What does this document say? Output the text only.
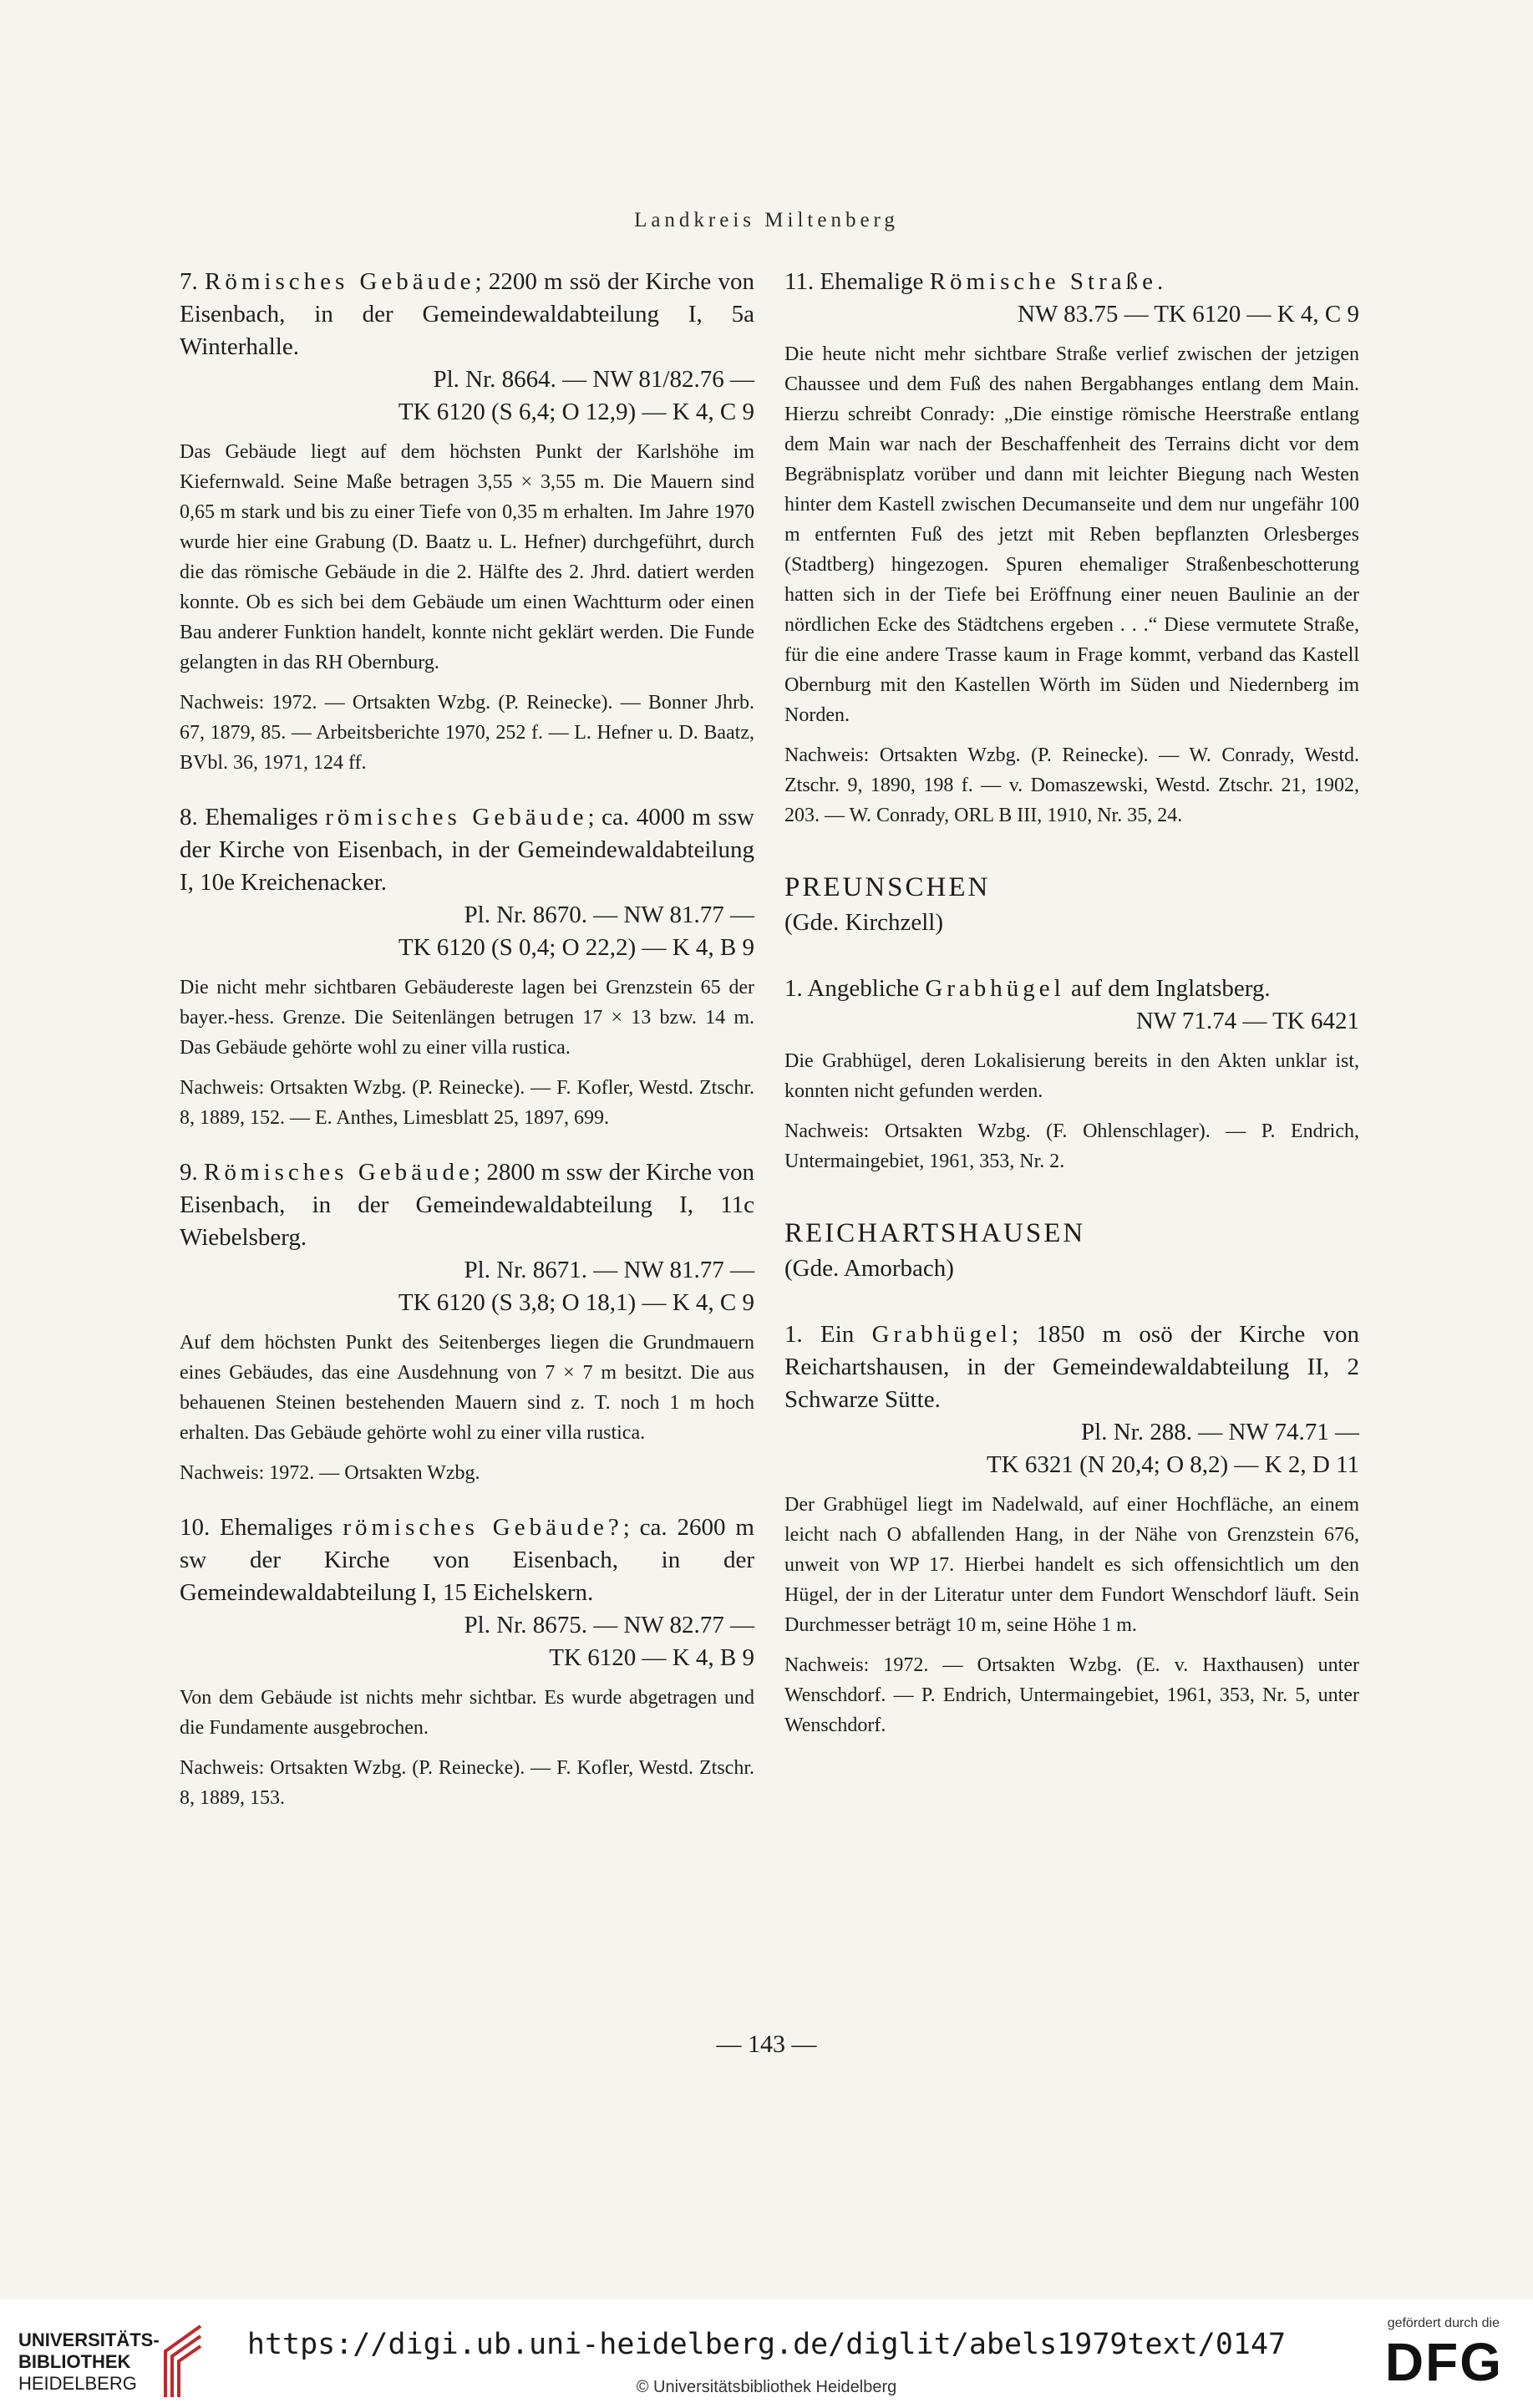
Landkreis Miltenberg

7. Römisches Gebäude; 2200 m ssö der Kirche von Eisenbach, in der Gemeindewaldabteilung I, 5a Winterhalle.

Pl. Nr. 8664. — NW 81/82.76 —

TK 6120 (S 6,4; O 12,9) — K 4, C 9

Das Gebäude liegt auf dem höchsten Punkt der Karlshöhe im Kiefernwald. Seine Maße betragen 3,55 × 3,55 m. Die Mauern sind 0,65 m stark und bis zu einer Tiefe von 0,35 m erhalten. Im Jahre 1970 wurde hier eine Grabung (D. Baatz u. L. Hefner) durchgeführt, durch die das römische Gebäude in die 2. Hälfte des 2. Jhrd. datiert werden konnte. Ob es sich bei dem Gebäude um einen Wachtturm oder einen Bau anderer Funktion handelt, konnte nicht geklärt werden. Die Funde gelangten in das RH Obernburg.

Nachweis: 1972. — Ortsakten Wzbg. (P. Reinecke). — Bonner Jhrb. 67, 1879, 85. — Arbeitsberichte 1970, 252 f. — L. Hefner u. D. Baatz, BVbl. 36, 1971, 124 ff.

8. Ehemaliges römisches Gebäude; ca. 4000 m ssw der Kirche von Eisenbach, in der Gemeindewaldabteilung I, 10e Kreichenacker.

Pl. Nr. 8670. — NW 81.77 —

TK 6120 (S 0,4; O 22,2) — K 4, B 9

Die nicht mehr sichtbaren Gebäudereste lagen bei Grenzstein 65 der bayer.-hess. Grenze. Die Seitenlängen betrugen 17 × 13 bzw. 14 m. Das Gebäude gehörte wohl zu einer villa rustica.

Nachweis: Ortsakten Wzbg. (P. Reinecke). — F. Kofler, Westd. Ztschr. 8, 1889, 152. — E. Anthes, Limesblatt 25, 1897, 699.

9. Römisches Gebäude; 2800 m ssw der Kirche von Eisenbach, in der Gemeindewaldabteilung I, 11c Wiebelsberg.

Pl. Nr. 8671. — NW 81.77 —

TK 6120 (S 3,8; O 18,1) — K 4, C 9

Auf dem höchsten Punkt des Seitenberges liegen die Grundmauern eines Gebäudes, das eine Ausdehnung von 7 × 7 m besitzt. Die aus behauenen Steinen bestehenden Mauern sind z. T. noch 1 m hoch erhalten. Das Gebäude gehörte wohl zu einer villa rustica.

Nachweis: 1972. — Ortsakten Wzbg.

10. Ehemaliges römisches Gebäude?; ca. 2600 m sw der Kirche von Eisenbach, in der Gemeindewaldabteilung I, 15 Eichelskern.

Pl. Nr. 8675. — NW 82.77 —

TK 6120 — K 4, B 9

Von dem Gebäude ist nichts mehr sichtbar. Es wurde abgetragen und die Fundamente ausgebrochen.

Nachweis: Ortsakten Wzbg. (P. Reinecke). — F. Kofler, Westd. Ztschr. 8, 1889, 153.

11. Ehemalige Römische Straße.

NW 83.75 — TK 6120 — K 4, C 9

Die heute nicht mehr sichtbare Straße verlief zwischen der jetzigen Chaussee und dem Fuß des nahen Bergabhanges entlang dem Main. Hierzu schreibt Conrady: „Die einstige römische Heerstraße entlang dem Main war nach der Beschaffenheit des Terrains dicht vor dem Begräbnisplatz vorüber und dann mit leichter Biegung nach Westen hinter dem Kastell zwischen Decumanseite und dem nur ungefähr 100 m entfernten Fuß des jetzt mit Reben bepflanzten Orlesberges (Stadtberg) hingezogen. Spuren ehemaliger Straßenbeschotterung hatten sich in der Tiefe bei Eröffnung einer neuen Baulinie an der nördlichen Ecke des Städtchens ergeben . . .“ Diese vermutete Straße, für die eine andere Trasse kaum in Frage kommt, verband das Kastell Obernburg mit den Kastellen Wörth im Süden und Niedernberg im Norden.

Nachweis: Ortsakten Wzbg. (P. Reinecke). — W. Conrady, Westd. Ztschr. 9, 1890, 198 f. — v. Domaszewski, Westd. Ztschr. 21, 1902, 203. — W. Conrady, ORL B III, 1910, Nr. 35, 24.

PREUNSCHEN

(Gde. Kirchzell)

1. Angebliche Grabhügel auf dem Inglatsberg.

NW 71.74 — TK 6421

Die Grabhügel, deren Lokalisierung bereits in den Akten unklar ist, konnten nicht gefunden werden.

Nachweis: Ortsakten Wzbg. (F. Ohlenschlager). — P. Endrich, Untermaingebiet, 1961, 353, Nr. 2.

REICHARTSHAUSEN

(Gde. Amorbach)

1. Ein Grabhügel; 1850 m osö der Kirche von Reichartshausen, in der Gemeindewaldabteilung II, 2 Schwarze Sütte.

Pl. Nr. 288. — NW 74.71 —

TK 6321 (N 20,4; O 8,2) — K 2, D 11

Der Grabhügel liegt im Nadelwald, auf einer Hochfläche, an einem leicht nach O abfallenden Hang, in der Nähe von Grenzstein 676, unweit von WP 17. Hierbei handelt es sich offensichtlich um den Hügel, der in der Literatur unter dem Fundort Wenschdorf läuft. Sein Durchmesser beträgt 10 m, seine Höhe 1 m.

Nachweis: 1972. — Ortsakten Wzbg. (E. v. Haxthausen) unter Wenschdorf. — P. Endrich, Untermaingebiet, 1961, 353, Nr. 5, unter Wenschdorf.

— 143 —
UNIVERSITÄTS-
BIBLIOTHEK
HEIDELBERG
https://digi.ub.uni-heidelberg.de/diglit/abels1979text/0147
© Universitätsbibliothek Heidelberg
gefördert durch die
DFG
